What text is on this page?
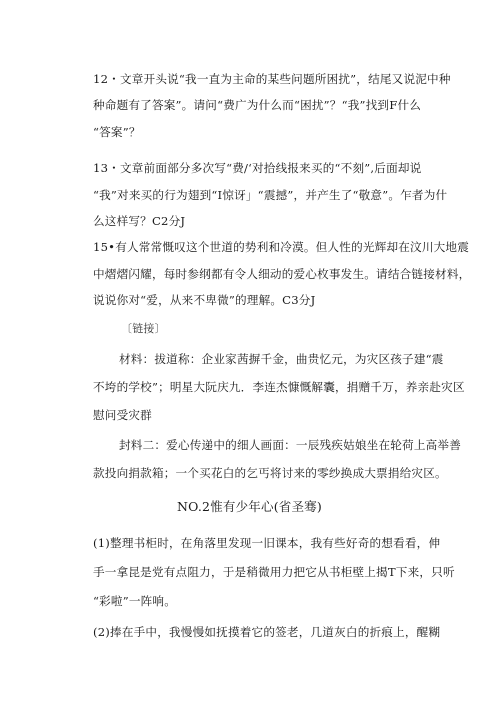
12・文章开头说“我一直为主命的某些问题所困扰”，结尾又说泥中种
种命题有了答案”。请问“费广为什么而“困扰”？“我”找到F什么
“答案”？
13・文章前面部分多次写“费/‘对拾线报来买的“不刻”,后面却说
“我”对来买的行为翅到“I惊讶」“震撼”，并产生了“敬意”。乍者为什
么这样写？C2分J
15•有人常常慨叹这个世道的势利和冷漠。但人性的光辉却在汶川大地震
中熠熠闪耀，每时参纲都有令人细动的爱心枚事发生。请结合链接材料，
说说你对“爱，从来不卑微”的理解。C3分J
〔链接〕
材料：拔道称：企业家茜摒千金，曲贵忆元，为灾区孩子建“震
不垮的学校”；明星大阮庆九．李连杰慷慨解囊，捐赠千万，养亲赴灾区
慰问受灾群
封料二：爱心传递中的细人画面：一辰残疾姑娘坐在轮荷上高举善
款投向捐款箱；一个买花白的乞丐将讨来的零纱换成大票捐给灾区。
NO.2惟有少年心(省圣骞)
(1)整理书柜时，在角落里发现一旧课本，我有些好奇的想看看，伸
手一拿昆是党有点阻力，于是稍微用力把它从书柜壁上揭T下来，只听
“彩啦”一阵响。
(2)捧在手中，我慢慢如抚摸着它的签老，几道灰白的折痕上，醒糊
